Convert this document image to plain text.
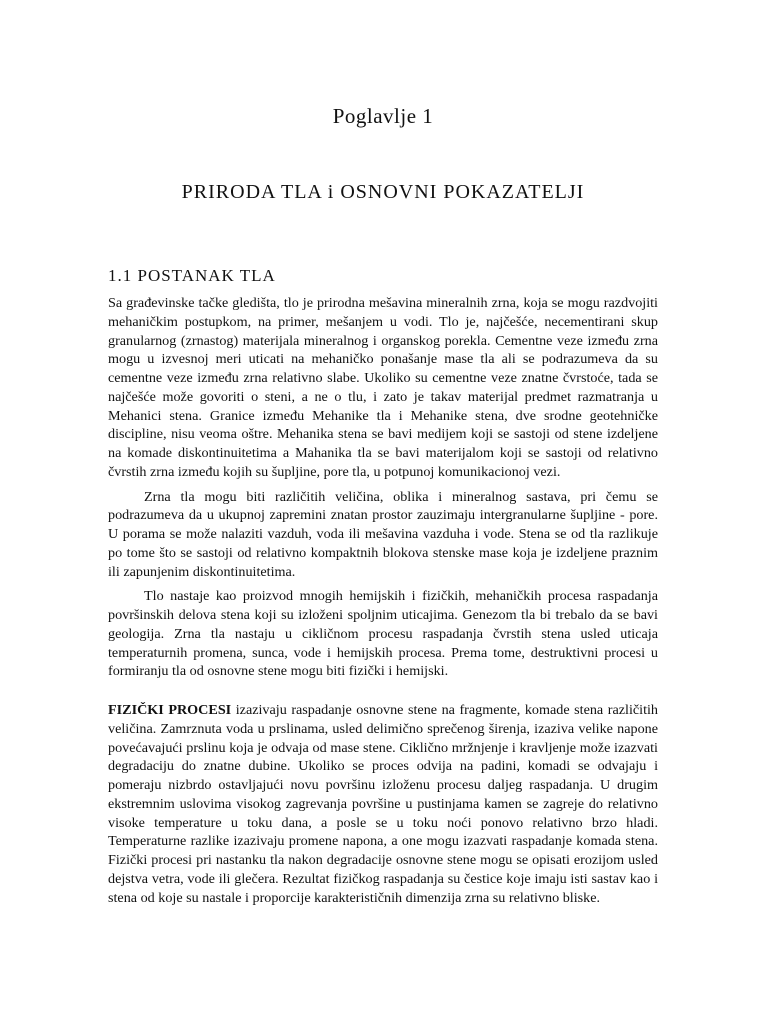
Poglavlje 1
PRIRODA TLA i OSNOVNI POKAZATELJI
1.1 POSTANAK TLA

Sa građevinske tačke gledišta, tlo je prirodna mešavina mineralnih zrna, koja se mogu razdvojiti mehaničkim postupkom, na primer, mešanjem u vodi. Tlo je, najčešće, necementirani skup granularnog (zrnastog) materijala mineralnog i organskog porekla. Cementne veze između zrna mogu u izvesnoj meri uticati na mehaničko ponašanje mase tla ali se podrazumeva da su cementne veze između zrna relativno slabe. Ukoliko su cementne veze znatne čvrstoće, tada se najčešće može govoriti o steni, a ne o tlu, i zato je takav materijal predmet razmatranja u Mehanici stena. Granice između Mehanike tla i Mehanike stena, dve srodne geotehničke discipline, nisu veoma oštre. Mehanika stena se bavi medijem koji se sastoji od stene izdeljene na komade diskontinuitetima a Mahanika tla se bavi materijalom koji se sastoji od relativno čvrstih zrna između kojih su šupljine, pore tla, u potpunoj komunikacionoj vezi.

Zrna tla mogu biti različitih veličina, oblika i mineralnog sastava, pri čemu se podrazumeva da u ukupnoj zapremini znatan prostor zauzimaju intergranularne šupljine - pore. U porama se može nalaziti vazduh, voda ili mešavina vazduha i vode. Stena se od tla razlikuje po tome što se sastoji od relativno kompaktnih blokova stenske mase koja je izdeljene praznim ili zapunjenim diskontinuitetima.

Tlo nastaje kao proizvod mnogih hemijskih i fizičkih, mehaničkih procesa raspadanja površinskih delova stena koji su izloženi spoljnim uticajima. Genezom tla bi trebalo da se bavi geologija. Zrna tla nastaju u cikličnom procesu raspadanja čvrstih stena usled uticaja temperaturnih promena, sunca, vode i hemijskih procesa. Prema tome, destruktivni procesi u formiranju tla od osnovne stene mogu biti fizički i hemijski.

FIZIČKI PROCESI izazivaju raspadanje osnovne stene na fragmente, komade stena različitih veličina. Zamrznuta voda u prslinama, usled delimično sprečenog širenja, izaziva velike napone povećavajući prslinu koja je odvaja od mase stene. Ciklično mržnjenje i kravljenje može izazvati degradaciju do znatne dubine. Ukoliko se proces odvija na padini, komadi se odvajaju i pomeraju nizbrdo ostavljajući novu površinu izloženu procesu daljeg raspadanja. U drugim ekstremnim uslovima visokog zagrevanja površine u pustinjama kamen se zagreje do relativno visoke temperature u toku dana, a posle se u toku noći ponovo relativno brzo hladi. Temperaturne razlike izazivaju promene napona, a one mogu izazvati raspadanje komada stena. Fizički procesi pri nastanku tla nakon degradacije osnovne stene mogu se opisati erozijom usled dejstva vetra, vode ili glečera. Rezultat fizičkog raspadanja su čestice koje imaju isti sastav kao i stena od koje su nastale i proporcije karakterističnih dimenzija zrna su relativno bliske.
